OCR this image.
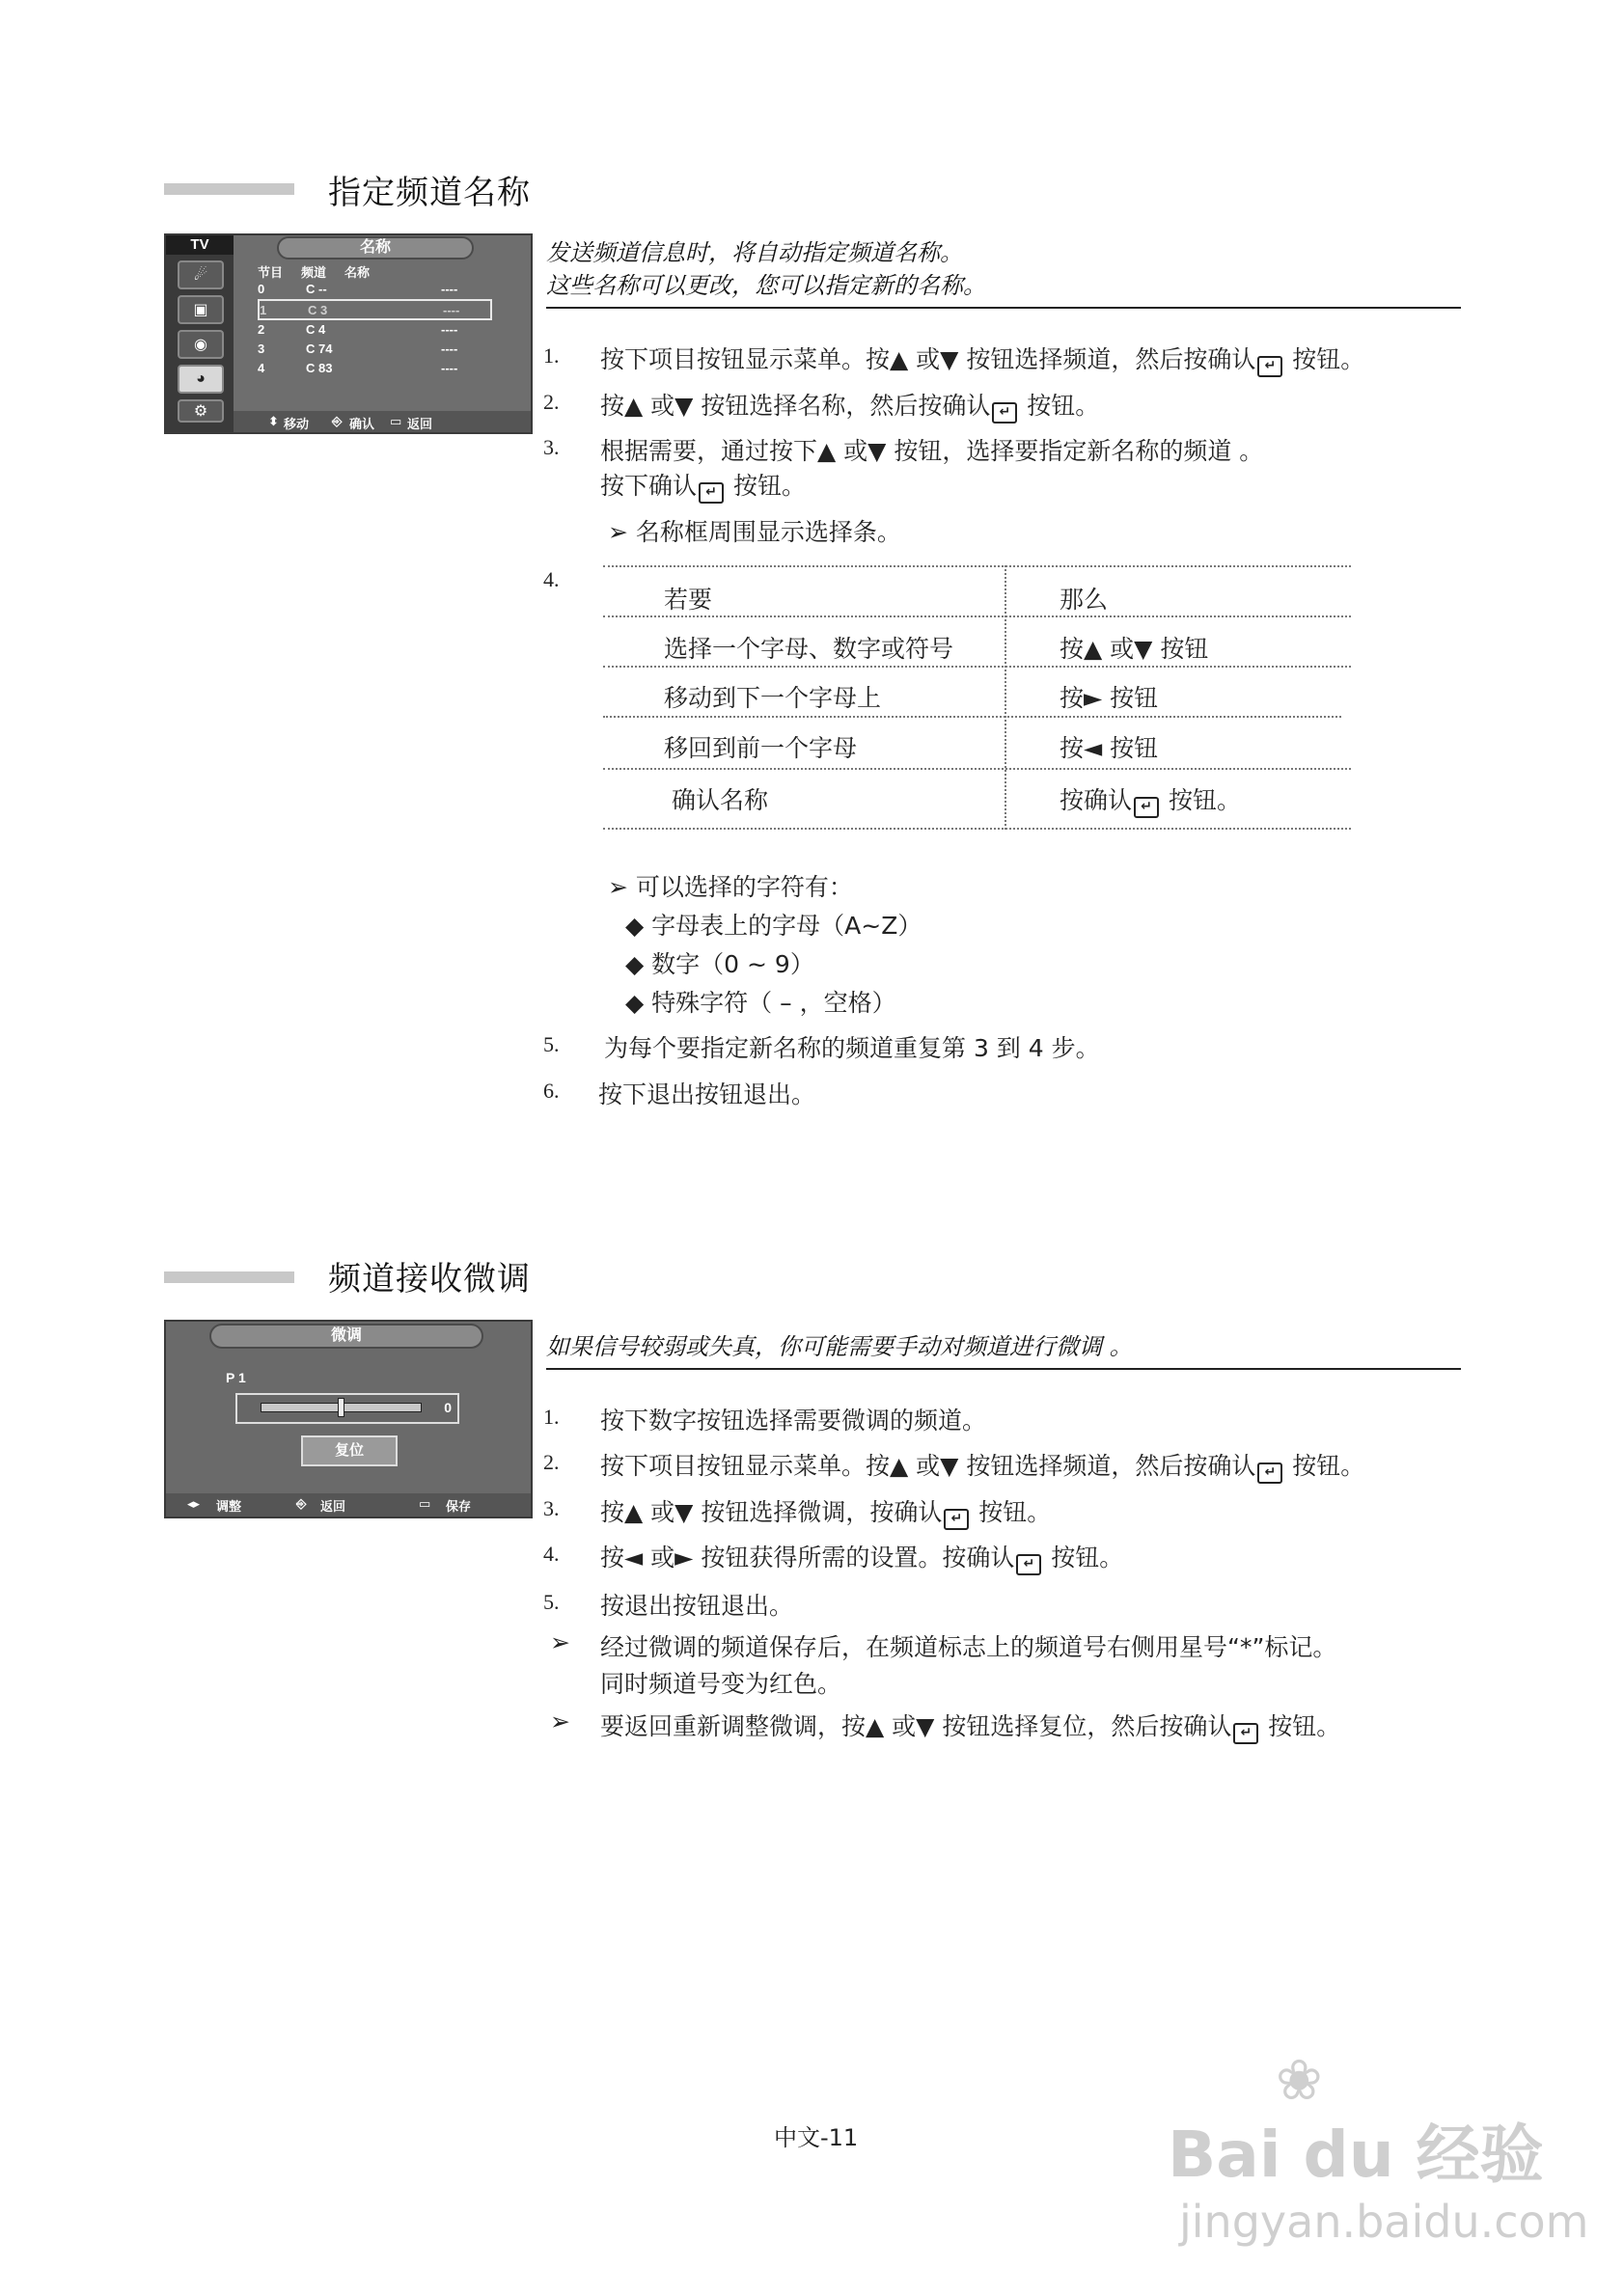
指定频道名称
TV
☄
▣
◉
◕
⚙
名称
节目 频道 名称
0	C --	----
1	C 3	----
2	C 4	----
3	C 74	----
4	C 83	----
⬍ 移动 ⎆ 确认 ▭ 返回
发送频道信息时，将自动指定频道名称。
这些名称可以更改，您可以指定新的名称。
1. 按下项目按钮显示菜单。按▲ 或▼ 按钮选择频道，然后按确认 ↵ 按钮。
2. 按▲ 或▼ 按钮选择名称，然后按确认 ↵ 按钮。
3. 根据需要，通过按下▲ 或▼ 按钮，选择要指定新名称的频道 。
按下确认 ↵ 按钮。
➢ 名称框周围显示选择条。
4.
若要	那么
选择一个字母、数字或符号	按▲ 或▼ 按钮
移动到下一个字母上	按► 按钮
移回到前一个字母	按◄ 按钮
确认名称	按确认 ↵ 按钮。
➢ 可以选择的字符有：
◆ 字母表上的字母（A~Z）
◆ 数字（0 ~ 9）
◆ 特殊字符（ – ，空格）
5. 为每个要指定新名称的频道重复第 3 到 4 步。
6. 按下退出按钮退出。
频道接收微调
微调
P 1
0
复位
◂▸ 调整	⎆ 返回	▭ 保存
如果信号较弱或失真，你可能需要手动对频道进行微调 。
1. 按下数字按钮选择需要微调的频道。
2. 按下项目按钮显示菜单。按▲ 或▼ 按钮选择频道，然后按确认 ↵ 按钮。
3. 按▲ 或▼ 按钮选择微调，按确认 ↵ 按钮。
4. 按◄ 或► 按钮获得所需的设置。按确认 ↵ 按钮。
5. 按退出按钮退出。
➢ 经过微调的频道保存后，在频道标志上的频道号右侧用星号“*”标记。
同时频道号变为红色。
➢ 要返回重新调整微调，按▲ 或▼ 按钮选择复位，然后按确认 ↵ 按钮。
中文-11
❀
Bai du 经验
jingyan.baidu.com
